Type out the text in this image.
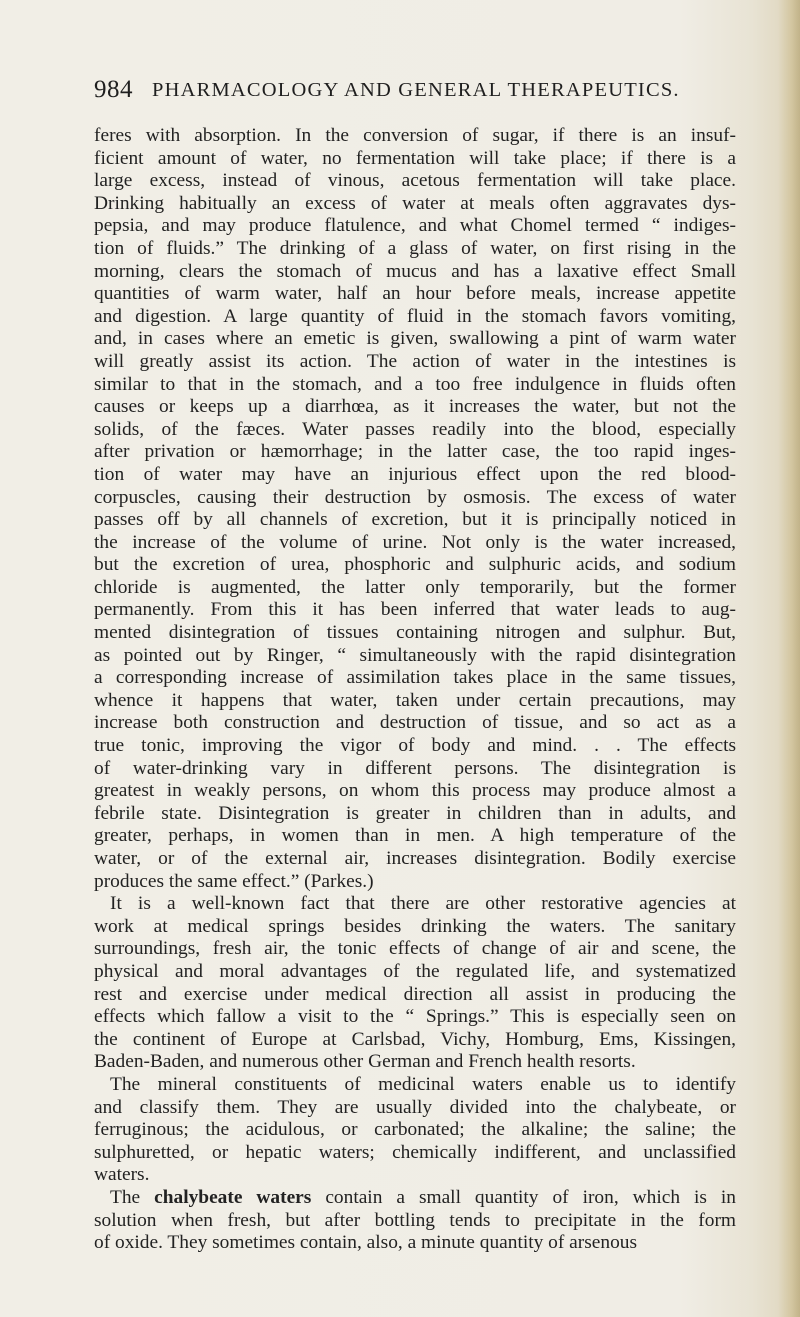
984 PHARMACOLOGY AND GENERAL THERAPEUTICS.
feres with absorption. In the conversion of sugar, if there is an insuf-
ficient amount of water, no fermentation will take place; if there is a
large excess, instead of vinous, acetous fermentation will take place.
Drinking habitually an excess of water at meals often aggravates dys-
pepsia, and may produce flatulence, and what Chomel termed “ indiges-
tion of fluids.” The drinking of a glass of water, on first rising in the
morning, clears the stomach of mucus and has a laxative effect Small
quantities of warm water, half an hour before meals, increase appetite
and digestion. A large quantity of fluid in the stomach favors vomiting,
and, in cases where an emetic is given, swallowing a pint of warm water
will greatly assist its action. The action of water in the intestines is
similar to that in the stomach, and a too free indulgence in fluids often
causes or keeps up a diarrhœa, as it increases the water, but not the
solids, of the fæces. Water passes readily into the blood, especially
after privation or hæmorrhage; in the latter case, the too rapid inges-
tion of water may have an injurious effect upon the red blood-
corpuscles, causing their destruction by osmosis. The excess of water
passes off by all channels of excretion, but it is principally noticed in
the increase of the volume of urine. Not only is the water increased,
but the excretion of urea, phosphoric and sulphuric acids, and sodium
chloride is augmented, the latter only temporarily, but the former
permanently. From this it has been inferred that water leads to aug-
mented disintegration of tissues containing nitrogen and sulphur. But,
as pointed out by Ringer, “ simultaneously with the rapid disintegration
a corresponding increase of assimilation takes place in the same tissues,
whence it happens that water, taken under certain precautions, may
increase both construction and destruction of tissue, and so act as a
true tonic, improving the vigor of body and mind. . . The effects
of water-drinking vary in different persons. The disintegration is
greatest in weakly persons, on whom this process may produce almost a
febrile state. Disintegration is greater in children than in adults, and
greater, perhaps, in women than in men. A high temperature of the
water, or of the external air, increases disintegration. Bodily exercise
produces the same effect.” (Parkes.)
It is a well-known fact that there are other restorative agencies at
work at medical springs besides drinking the waters. The sanitary
surroundings, fresh air, the tonic effects of change of air and scene, the
physical and moral advantages of the regulated life, and systematized
rest and exercise under medical direction all assist in producing the
effects which fallow a visit to the “ Springs.” This is especially seen on
the continent of Europe at Carlsbad, Vichy, Homburg, Ems, Kissingen,
Baden-Baden, and numerous other German and French health resorts.
The mineral constituents of medicinal waters enable us to identify
and classify them. They are usually divided into the chalybeate, or
ferruginous; the acidulous, or carbonated; the alkaline; the saline; the
sulphuretted, or hepatic waters; chemically indifferent, and unclassified
waters.
The chalybeate waters contain a small quantity of iron, which is in
solution when fresh, but after bottling tends to precipitate in the form
of oxide. They sometimes contain, also, a minute quantity of arsenous
